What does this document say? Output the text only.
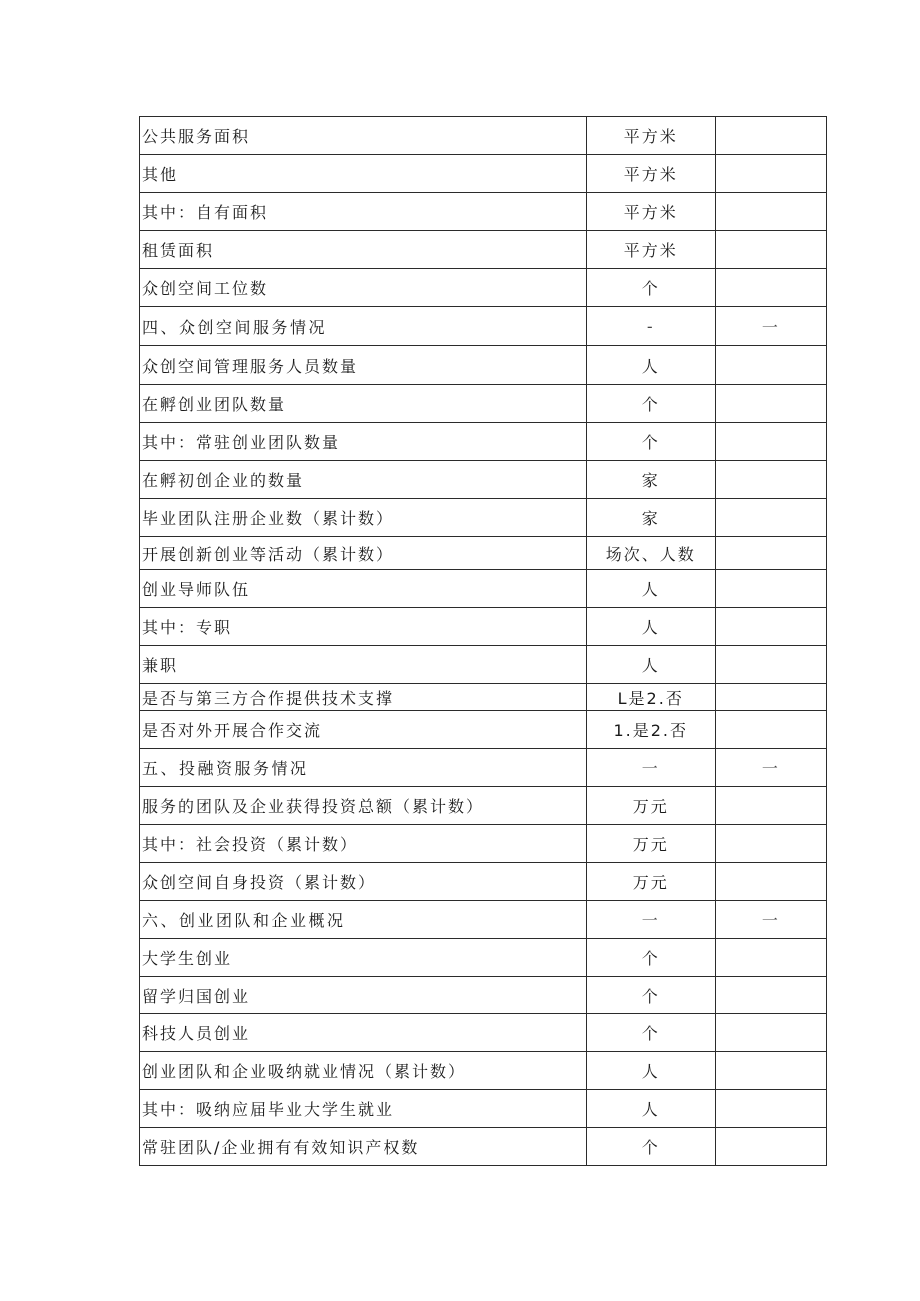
公共服务面积	平方米	
其他	平方米	
其中：自有面积	平方米	
租赁面积	平方米	
众创空间工位数	个	
四、众创空间服务情况	-	一
众创空间管理服务人员数量	人	
在孵创业团队数量	个	
其中：常驻创业团队数量	个	
在孵初创企业的数量	家	
毕业团队注册企业数（累计数）	家	
开展创新创业等活动（累计数）	场次、人数	
创业导师队伍	人	
其中：专职	人	
兼职	人	
是否与第三方合作提供技术支撑	L是2.否	
是否对外开展合作交流	1.是2.否	
五、投融资服务情况	一	一
服务的团队及企业获得投资总额（累计数）	万元	
其中：社会投资（累计数）	万元	
众创空间自身投资（累计数）	万元	
六、创业团队和企业概况	一	一
大学生创业	个	
留学归国创业	个	
科技人员创业	个	
创业团队和企业吸纳就业情况（累计数）	人	
其中：吸纳应届毕业大学生就业	人	
常驻团队/企业拥有有效知识产权数	个	
